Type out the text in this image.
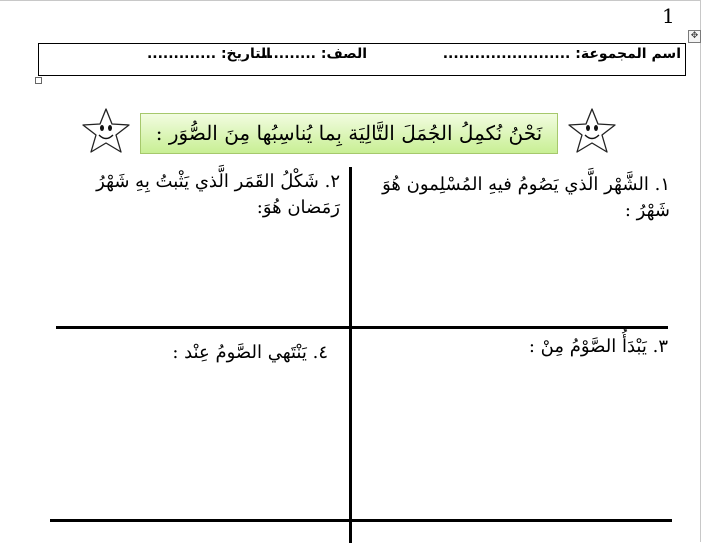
1
✥
اسم المجموعة: ........................
الصف: ..........
التاريخ: .............
نَحْنُ نُكمِلُ الجُمَلَ التَّالِيَة بِما يُناسِبُها مِنَ الصُّوَر :
١. الشَّهْر الَّذي يَصُومُ فيهِ المُسْلِمون هُوَ شَهْرُ :
٢. شَكْلُ القَمَر الَّذي يَثْبتُ بِهِ شَهْرُ رَمَضان هُوَ:
٣. يَبْدَأُ الصَّوْمُ مِنْ :
٤. يَنْتَهي الصَّومُ عِنْد :
